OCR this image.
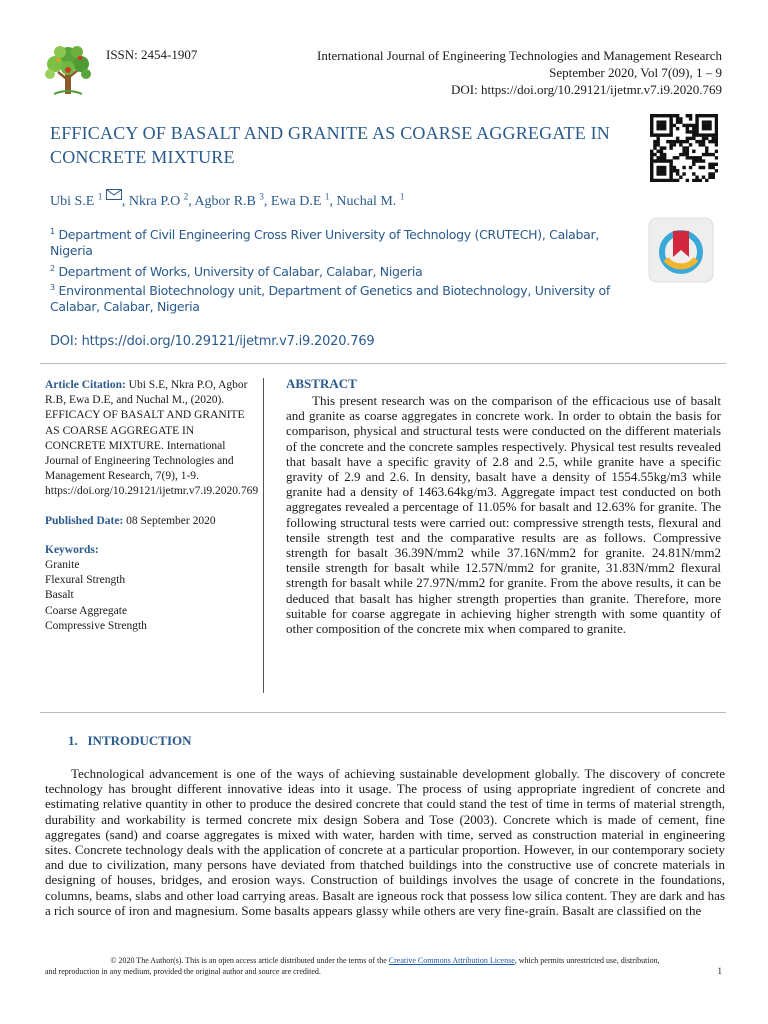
ISSN: 2454-1907	International Journal of Engineering Technologies and Management Research
September 2020, Vol 7(09), 1 – 9
DOI: https://doi.org/10.29121/ijetmr.v7.i9.2020.769
EFFICACY OF BASALT AND GRANITE AS COARSE AGGREGATE IN
CONCRETE MIXTURE
Ubi S.E $^1$ , Nkra P.O $^2$, Agbor R.B $^3$, Ewa D.E $^1$, Nuchal M. $^1$
$^1$ Department of Civil Engineering Cross River University of Technology (CRUTECH), Calabar, Nigeria
$^2$ Department of Works, University of Calabar, Calabar, Nigeria
$^3$ Environmental Biotechnology unit, Department of Genetics and Biotechnology, University of Calabar, Calabar, Nigeria
DOI: https://doi.org/10.29121/ijetmr.v7.i9.2020.769
Article Citation: Ubi S.E, Nkra P.O, Agbor R.B, Ewa D.E, and Nuchal M., (2020). EFFICACY OF BASALT AND GRANITE AS COARSE AGGREGATE IN CONCRETE MIXTURE. International Journal of Engineering Technologies and Management Research, 7(9), 1-9. https://doi.org/10.29121/ijetmr.v7.i9.2020.769
Published Date: 08 September 2020
Keywords:
Granite
Flexural Strength
Basalt
Coarse Aggregate
Compressive Strength
ABSTRACT
This present research was on the comparison of the efficacious use of basalt and granite as coarse aggregates in concrete work. In order to obtain the basis for comparison, physical and structural tests were conducted on the different materials of the concrete and the concrete samples respectively. Physical test results revealed that basalt have a specific gravity of 2.8 and 2.5, while granite have a specific gravity of 2.9 and 2.6. In density, basalt have a density of 1554.55kg/m3 while granite had a density of 1463.64kg/m3. Aggregate impact test conducted on both aggregates revealed a percentage of 11.05% for basalt and 12.63% for granite. The following structural tests were carried out: compressive strength tests, flexural and tensile strength test and the comparative results are as follows. Compressive strength for basalt 36.39N/mm2 while 37.16N/mm2 for granite. 24.81N/mm2 tensile strength for basalt while 12.57N/mm2 for granite, 31.83N/mm2 flexural strength for basalt while 27.97N/mm2 for granite. From the above results, it can be deduced that basalt has higher strength properties than granite. Therefore, more suitable for coarse aggregate in achieving higher strength with some quantity of other composition of the concrete mix when compared to granite.
1.   INTRODUCTION
Technological advancement is one of the ways of achieving sustainable development globally. The discovery of concrete technology has brought different innovative ideas into it usage. The process of using appropriate ingredient of concrete and estimating relative quantity in other to produce the desired concrete that could stand the test of time in terms of material strength, durability and workability is termed concrete mix design Sobera and Tose (2003). Concrete which is made of cement, fine aggregates (sand) and coarse aggregates is mixed with water, harden with time, served as construction material in engineering sites. Concrete technology deals with the application of concrete at a particular proportion. However, in our contemporary society and due to civilization, many persons have deviated from thatched buildings into the constructive use of concrete materials in designing of houses, bridges, and erosion ways. Construction of buildings involves the usage of concrete in the foundations, columns, beams, slabs and other load carrying areas. Basalt are igneous rock that possess low silica content. They are dark and has a rich source of iron and magnesium. Some basalts appears glassy while others are very fine-grain. Basalt are classified on the
© 2020 The Author(s). This is an open access article distributed under the terms of the Creative Commons Attribution License, which permits unrestricted use, distribution,
and reproduction in any medium, provided the original author and source are credited.	1
